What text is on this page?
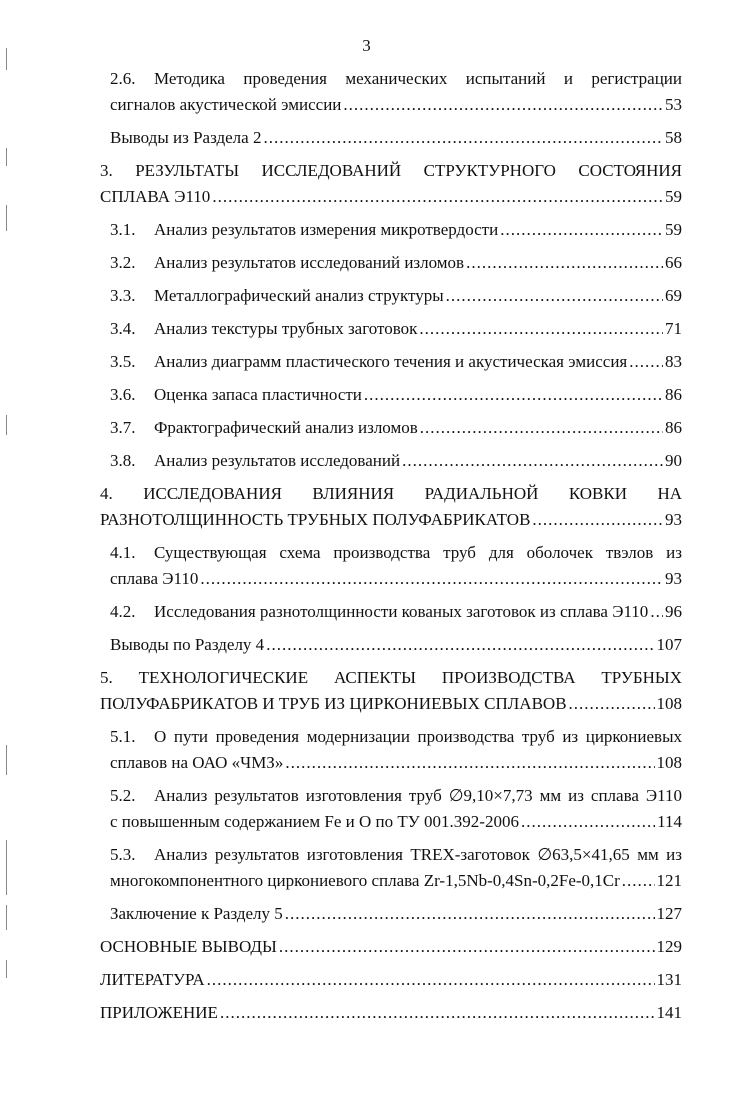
3
2.6. Методика проведения механических испытаний и регистрации
сигналов акустической эмиссии .....	53
Выводы из Раздела 2 .....	58
3. РЕЗУЛЬТАТЫ ИССЛЕДОВАНИЙ СТРУКТУРНОГО СОСТОЯНИЯ
СПЛАВА Э110 .....	59
3.1. Анализ результатов измерения микротвердости .....	59
3.2. Анализ результатов исследований изломов .....	66
3.3. Металлографический анализ структуры .....	69
3.4. Анализ текстуры трубных заготовок .....	71
3.5. Анализ диаграмм пластического течения и акустическая эмиссия ..... 83
3.6. Оценка запаса пластичности .....	86
3.7. Фрактографический анализ изломов .....	86
3.8. Анализ результатов исследований .....	90
4. ИССЛЕДОВАНИЯ ВЛИЯНИЯ РАДИАЛЬНОЙ КОВКИ НА
РАЗНОТОЛЩИННОСТЬ ТРУБНЫХ ПОЛУФАБРИКАТОВ .....	93
4.1. Существующая схема производства труб для оболочек твэлов из
сплава Э110 .....	93
4.2. Исследования разнотолщинности кованых заготовок из сплава Э110 ..... 96
Выводы по Разделу 4 .....	107
5. ТЕХНОЛОГИЧЕСКИЕ АСПЕКТЫ ПРОИЗВОДСТВА ТРУБНЫХ
ПОЛУФАБРИКАТОВ И ТРУБ ИЗ ЦИРКОНИЕВЫХ СПЛАВОВ .....	108
5.1. О пути проведения модернизации производства труб из циркониевых
сплавов на ОАО «ЧМЗ» .....	108
5.2. Анализ результатов изготовления труб ∅9,10×7,73 мм из сплава Э110
с повышенным содержанием Fe и O по ТУ 001.392-2006 .....	114
5.3. Анализ результатов изготовления TREX-заготовок ∅63,5×41,65 мм из
многокомпонентного циркониевого сплава Zr-1,5Nb-0,4Sn-0,2Fe-0,1Cr ..... 121
Заключение к Разделу 5 .....	127
ОСНОВНЫЕ ВЫВОДЫ .....	129
ЛИТЕРАТУРА .....	131
ПРИЛОЖЕНИЕ .....	141
